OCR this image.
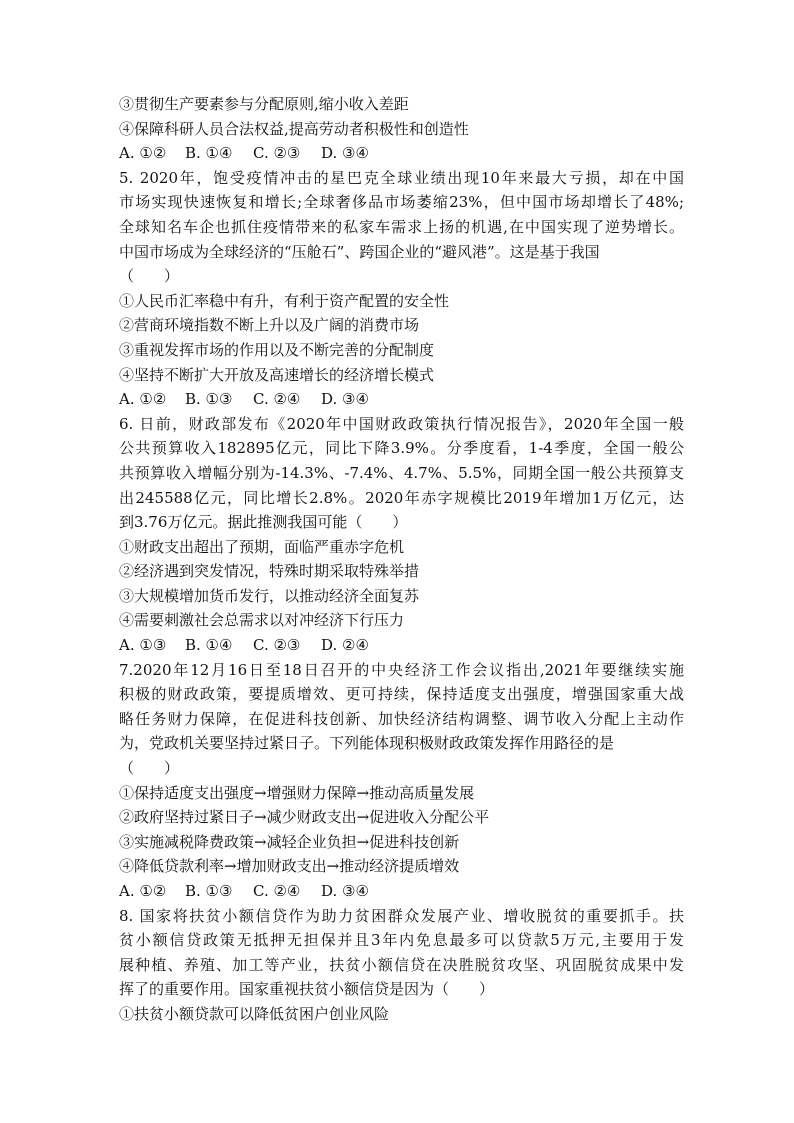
③贯彻生产要素参与分配原则,缩小收入差距
④保障科研人员合法权益,提高劳动者积极性和创造性
A. ①②	B. ①④	C. ②③	D. ③④
5. 2020年，饱受疫情冲击的星巴克全球业绩出现10年来最大亏损，却在中国
市场实现快速恢复和增长;全球奢侈品市场萎缩23%，但中国市场却增长了48%;
全球知名车企也抓住疫情带来的私家车需求上扬的机遇,在中国实现了逆势增长。
中国市场成为全球经济的“压舱石”、跨国企业的“避风港”。这是基于我国
（　　）
①人民币汇率稳中有升，有利于资产配置的安全性
②营商环境指数不断上升以及广阔的消费市场
③重视发挥市场的作用以及不断完善的分配制度
④坚持不断扩大开放及高速增长的经济增长模式
A. ①②	B. ①③	C. ②④	D. ③④
6. 日前，财政部发布《2020年中国财政政策执行情况报告》，2020年全国一般
公共预算收入182895亿元，同比下降3.9%。分季度看，1-4季度，全国一般公
共预算收入增幅分别为-14.3%、-7.4%、4.7%、5.5%，同期全国一般公共预算支
出245588亿元，同比增长2.8%。2020年赤字规模比2019年增加1万亿元，达
到3.76万亿元。据此推测我国可能（　　）
①财政支出超出了预期，面临严重赤字危机
②经济遇到突发情况，特殊时期采取特殊举措
③大规模增加货币发行，以推动经济全面复苏
④需要刺激社会总需求以对冲经济下行压力
A. ①③	B. ①④	C. ②③	D. ②④
7.2020年12月16日至18日召开的中央经济工作会议指出,2021年要继续实施
积极的财政政策，要提质增效、更可持续，保持适度支出强度，增强国家重大战
略任务财力保障，在促进科技创新、加快经济结构调整、调节收入分配上主动作
为，党政机关要坚持过紧日子。下列能体现积极财政政策发挥作用路径的是
（　　）
①保持适度支出强度→增强财力保障→推动高质量发展
②政府坚持过紧日子→减少财政支出→促进收入分配公平
③实施减税降费政策→减轻企业负担→促进科技创新
④降低贷款利率→增加财政支出→推动经济提质增效
A. ①②	B. ①③	C. ②④	D. ③④
8. 国家将扶贫小额信贷作为助力贫困群众发展产业、增收脱贫的重要抓手。扶
贫小额信贷政策无抵押无担保并且3年内免息最多可以贷款5万元,主要用于发
展种植、养殖、加工等产业，扶贫小额信贷在决胜脱贫攻坚、巩固脱贫成果中发
挥了的重要作用。国家重视扶贫小额信贷是因为（　　）
①扶贫小额贷款可以降低贫困户创业风险
